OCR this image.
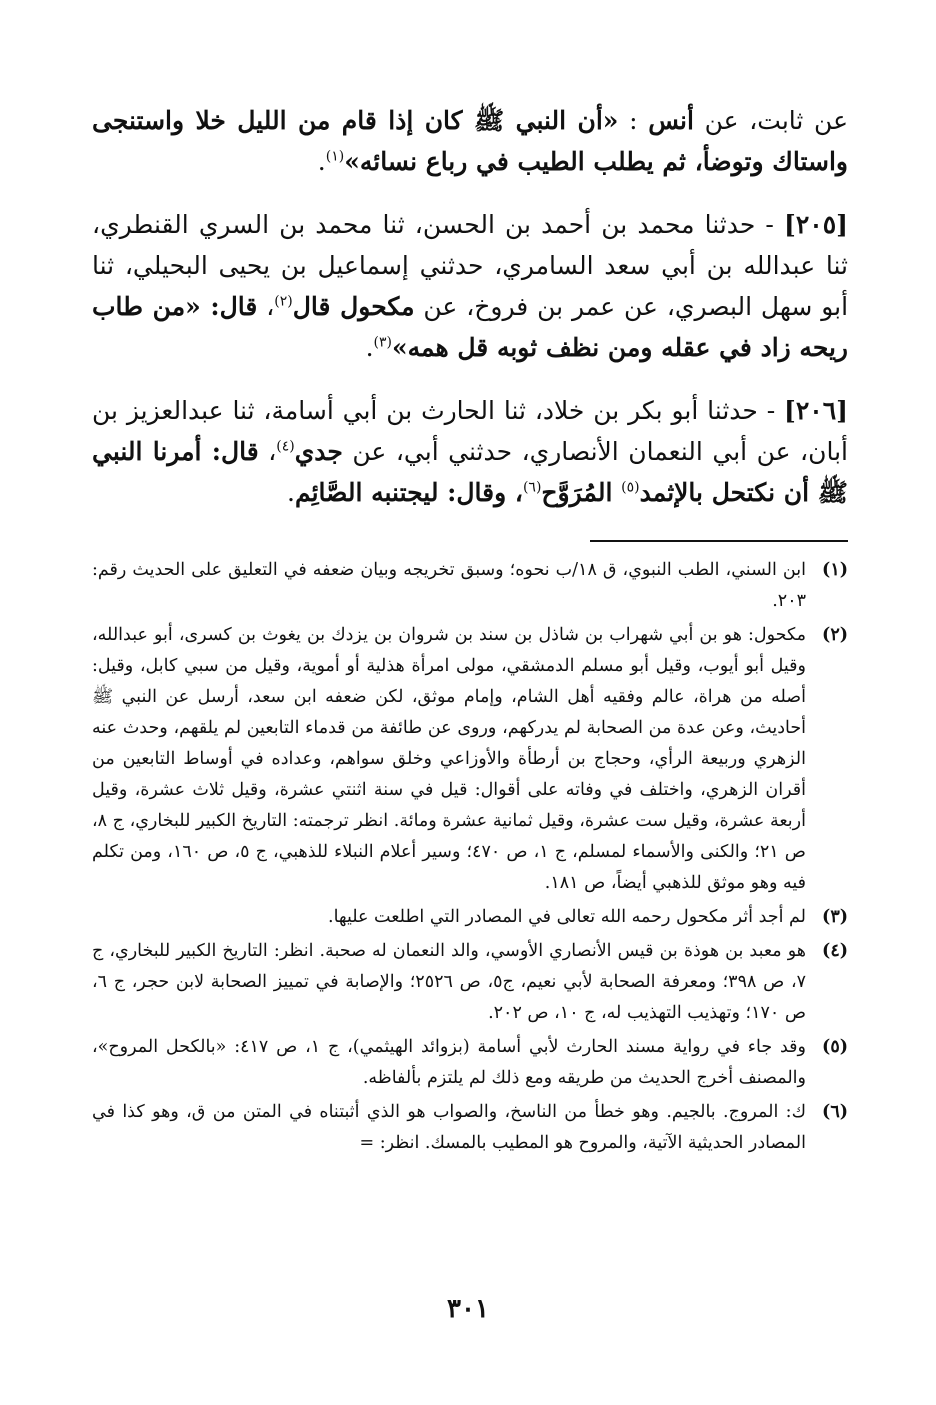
عن ثابت، عن أنس : «أن النبي ﷺ كان إذا قام من الليل خلا واستنجى واستاك وتوضأ، ثم يطلب الطيب في رباع نسائه»$^{(١)}$.

[٢٠٥] - حدثنا محمد بن أحمد بن الحسن، ثنا محمد بن السري القنطري، ثنا عبدالله بن أبي سعد السامري، حدثني إسماعيل بن يحيى البحيلي، ثنا أبو سهل البصري، عن عمر بن فروخ، عن مكحول قال$^{(٢)}$، قال: «من طاب ريحه زاد في عقله ومن نظف ثوبه قل همه»$^{(٣)}$.

[٢٠٦] - حدثنا أبو بكر بن خلاد، ثنا الحارث بن أبي أسامة، ثنا عبدالعزيز بن أبان، عن أبي النعمان الأنصاري، حدثني أبي، عن جدي$^{(٤)}$، قال: أمرنا النبي ﷺ أن نكتحل بالإثمد$^{(٥)}$ المُرَوَّح$^{(٦)}$، وقال: ليجتنبه الصَّائِم.

(١)
ابن السني، الطب النبوي، ق ١٨/ب نحوه؛ وسبق تخريجه وبيان ضعفه في التعليق على الحديث رقم: ٢٠٣.
(٢)
مكحول: هو بن أبي شهراب بن شاذل بن سند بن شروان بن يزدك بن يغوث بن كسرى، أبو عبدالله، وقيل أبو أيوب، وقيل أبو مسلم الدمشقي، مولى امرأة هذلية أو أموية، وقيل من سبي كابل، وقيل: أصله من هراة، عالم وفقيه أهل الشام، وإمام موثق، لكن ضعفه ابن سعد، أرسل عن النبي ﷺ أحاديث، وعن عدة من الصحابة لم يدركهم، وروى عن طائفة من قدماء التابعين لم يلقهم، وحدث عنه الزهري وربيعة الرأي، وحجاج بن أرطأة والأوزاعي وخلق سواهم، وعداده في أوساط التابعين من أقران الزهري، واختلف في وفاته على أقوال: قيل في سنة اثنتي عشرة، وقيل ثلاث عشرة، وقيل أربعة عشرة، وقيل ست عشرة، وقيل ثمانية عشرة ومائة. انظر ترجمته: التاريخ الكبير للبخاري، ج ٨، ص ٢١؛ والكنى والأسماء لمسلم، ج ١، ص ٤٧٠؛ وسير أعلام النبلاء للذهبي، ج ٥، ص ١٦٠، ومن تكلم فيه وهو موثق للذهبي أيضاً، ص ١٨١.
(٣)
لم أجد أثر مكحول رحمه الله تعالى في المصادر التي اطلعت عليها.
(٤)
هو معبد بن هوذة بن قيس الأنصاري الأوسي، والد النعمان له صحبة. انظر: التاريخ الكبير للبخاري، ج ٧، ص ٣٩٨؛ ومعرفة الصحابة لأبي نعيم، ج٥، ص ٢٥٢٦؛ والإصابة في تمييز الصحابة لابن حجر، ج ٦، ص ١٧٠؛ وتهذيب التهذيب له، ج ١٠، ص ٢٠٢.
(٥)
وقد جاء في رواية مسند الحارث لأبي أسامة (بزوائد الهيثمي)، ج ١، ص ٤١٧: «بالكحل المروح»، والمصنف أخرج الحديث من طريقه ومع ذلك لم يلتزم بألفاظه.
(٦)
ك: المروج. بالجيم. وهو خطأ من الناسخ، والصواب هو الذي أثبتناه في المتن من ق، وهو كذا في المصادر الحديثية الآتية، والمروح هو المطيب بالمسك. انظر: =
٣٠١
